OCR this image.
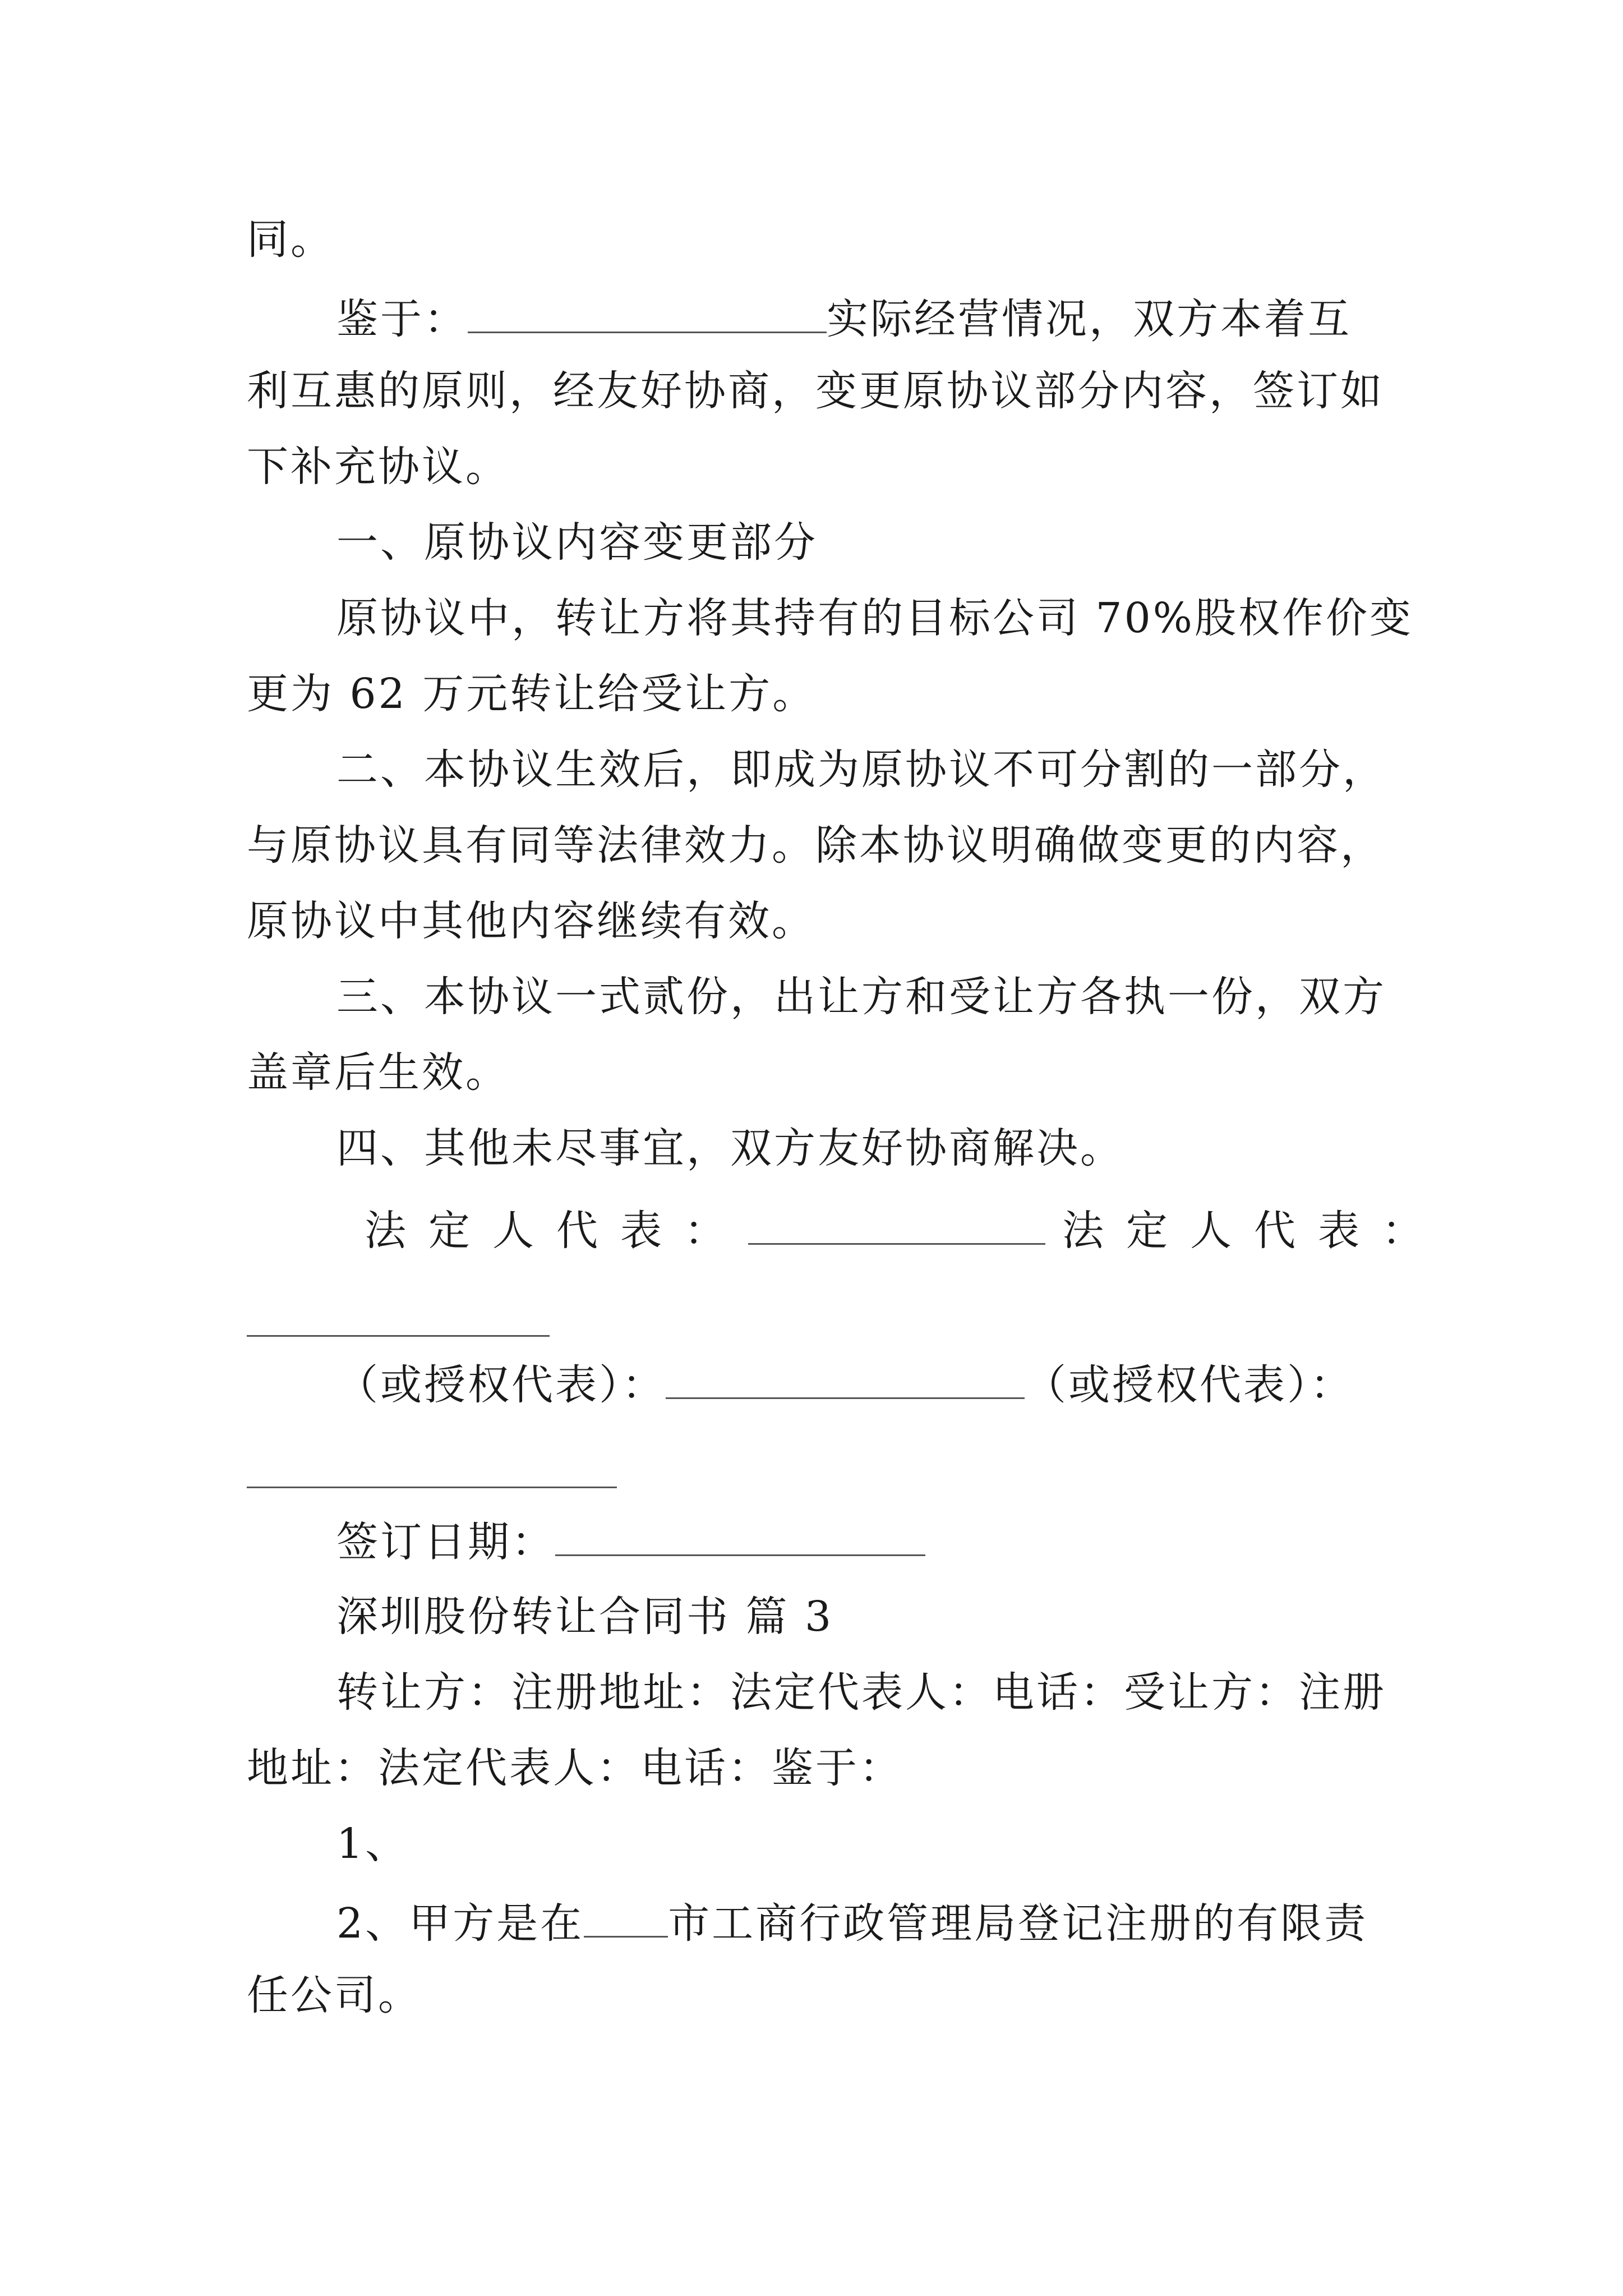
同。
鉴于：	实际经营情况，双方本着互
利互惠的原则，经友好协商，变更原协议部分内容，签订如
下补充协议。
一、原协议内容变更部分
原协议中，转让方将其持有的目标公司 70%股权作价变
更为 62 万元转让给受让方。
二、本协议生效后，即成为原协议不可分割的一部分，
与原协议具有同等法律效力。除本协议明确做变更的内容，
原协议中其他内容继续有效。
三、本协议一式贰份，出让方和受让方各执一份，双方
盖章后生效。
四、其他未尽事宜，双方友好协商解决。
法定人代表：	法定人代表：
（或授权代表）：	（或授权代表）：
签订日期：
深圳股份转让合同书 篇 3
转让方：注册地址：法定代表人：电话：受让方：注册
地址：法定代表人：电话：鉴于：
1、
2、甲方是在 市工商行政管理局登记注册的有限责
任公司。
